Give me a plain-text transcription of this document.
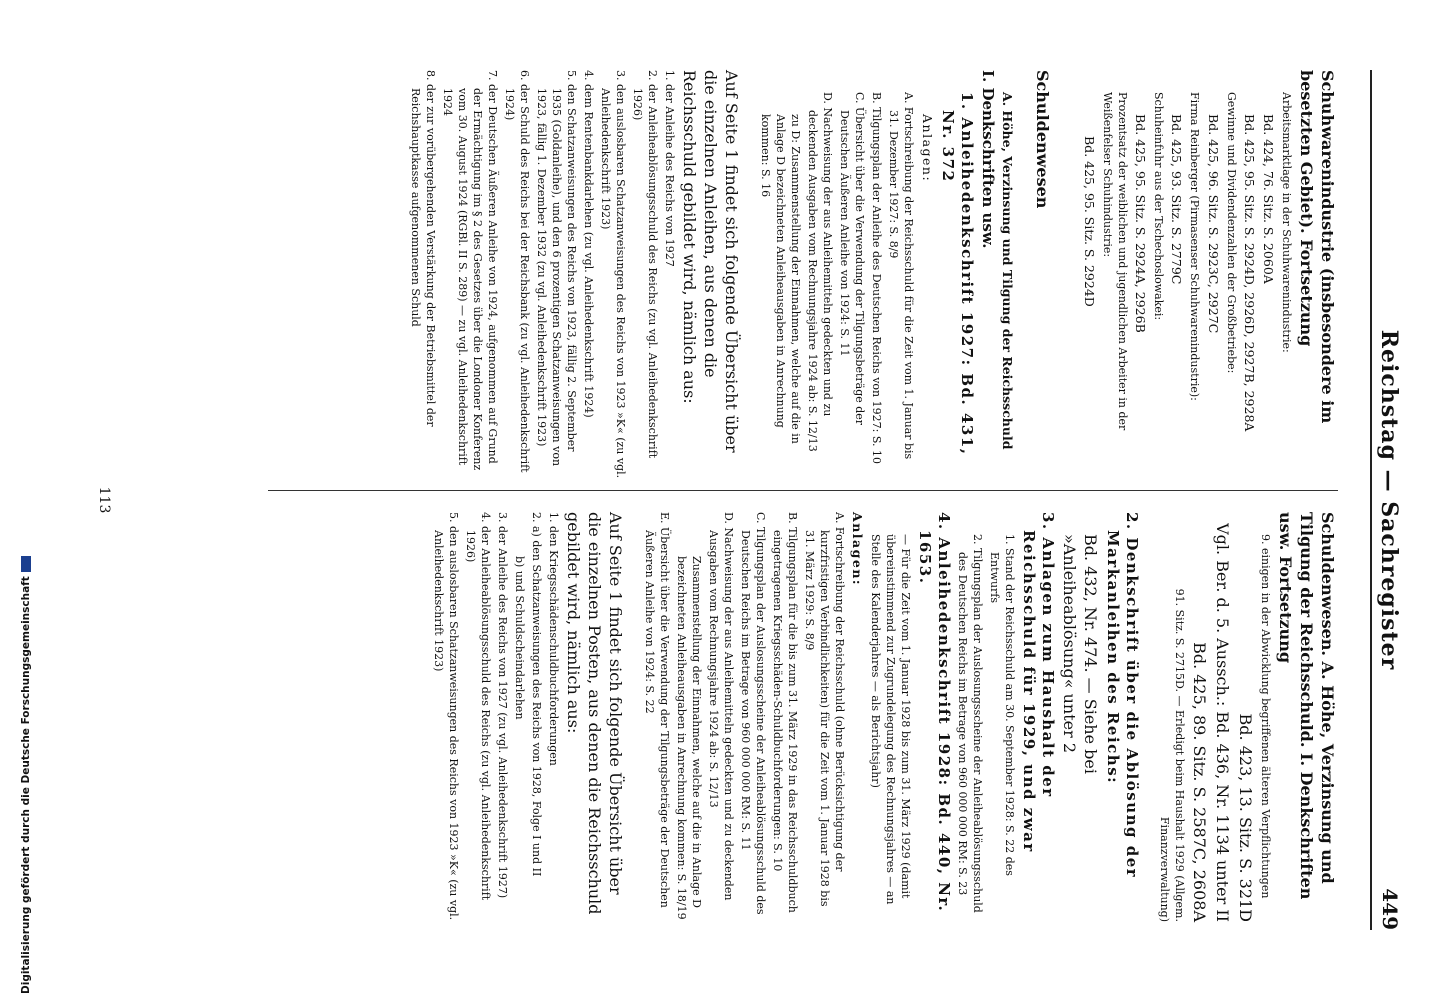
Reichstag — Sachregister
449

Schuhwarenindustrie (insbesondere im besetzten Gebiet). Fortsetzung

Arbeitsmarktlage in der Schuhwarenindustrie:

Bd. 424, 76. Sitz. S. 2060A

Bd. 425, 95. Sitz. S. 2924D, 2926D, 2927B, 2928A

Gewinne und Dividendenzahlen der Großbetriebe:

Bd. 425, 96. Sitz. S. 2923C, 2927C

Firma Reinberger (Pirmasenser Schuhwarenindustrie):

Bd. 425, 93. Sitz. S. 2779C

Schuheinfuhr aus der Tschechoslowakei:

Bd. 425, 95. Sitz. S. 2924A, 2926B

Prozentsatz der weiblichen und jugendlichen Arbeiter in der Weißenfelser Schuhindustrie:

Bd. 425, 95. Sitz. S. 2924D

Schuldenwesen

A. Höhe, Verzinsung und Tilgung der Reichsschuld

I. Denkschriften usw.

1. Anleihedenkschrift 1927: Bd. 431, Nr. 372

Anlagen:

A. Fortschreibung der Reichsschuld für die Zeit vom 1. Januar bis 31. Dezember 1927: S. 8/9

B. Tilgungsplan der Anleihe des Deutschen Reichs von 1927: S. 10

C. Übersicht über die Verwendung der Tilgungsbeträge der Deutschen Äußeren Anleihe von 1924: S. 11

D. Nachweisung der aus Anleihemitteln gedeckten und zu deckenden Ausgaben vom Rechnungsjahre 1924 ab: S. 12/13

zu D: Zusammenstellung der Einnahmen, welche auf die in Anlage D bezeichneten Anleiheausgaben in Anrechnung kommen: S. 16

Auf Seite 1 findet sich folgende Übersicht über die einzelnen Anleihen, aus denen die Reichsschuld gebildet wird, nämlich aus:

1. der Anleihe des Reichs von 1927

2. der Anleiheablösungsschuld des Reichs (zu vgl. Anleihedenkschrift 1926)

3. den auslosbaren Schatzanweisungen des Reichs von 1923 »K« (zu vgl. Anleihedenkschrift 1923)

4. dem Rentenbankdarlehen (zu vgl. Anleihedenkschrift 1924)

5. den Schatzanweisungen des Reichs von 1923, fällig 2. September 1935 (Goldanleihe), und den 6 prozentigen Schatzanweisungen von 1923, fällig 1. Dezember 1932 (zu vgl. Anleihedenkschrift 1923)

6. der Schuld des Reichs bei der Reichsbank (zu vgl. Anleihedenkschrift 1924)

7. der Deutschen Äußeren Anleihe von 1924, aufgenommen auf Grund der Ermächtigung im § 2 des Gesetzes über die Londoner Konferenz vom 30. August 1924 (RGBl. II S. 289) — zu vgl. Anleihedenkschrift 1924

8. der zur vorübergehenden Verstärkung der Betriebsmittel der Reichshauptkasse aufgenommenen Schuld

Schuldenwesen. A. Höhe, Verzinsung und Tilgung der Reichsschuld. I. Denkschriften usw. Fortsetzung

9. einigen in der Abwicklung begriffenen älteren Verpflichtungen

Bd. 423, 13. Sitz. S. 321D

Vgl. Ber. d. 5. Aussch.: Bd. 436, Nr. 1134 unter II

Bd. 425, 89. Sitz. S. 2587C, 2608A

91. Sitz. S. 2715D. — Erledigt beim Haushalt 1929 (Allgem. Finanzverwaltung)

2. Denkschrift über die Ablösung der Markanleihen des Reichs:

Bd. 432, Nr. 474. — Siehe bei »Anleiheablösung« unter 2

3. Anlagen zum Haushalt der Reichsschuld für 1929, und zwar

1. Stand der Reichsschuld am 30. September 1928: S. 22 des Entwurfs

2. Tilgungsplan der Auslosungsscheine der Anleiheablösungsschuld des Deutschen Reichs im Betrage von 960 000 000 RM: S. 23

4. Anleihedenkschrift 1928: Bd. 440, Nr. 1653.

— Für die Zeit vom 1. Januar 1928 bis zum 31. März 1929 (damit übereinstimmend zur Zugrundelegung des Rechnungsjahres — an Stelle des Kalenderjahres — als Berichtsjahr)

Anlagen:

A. Fortschreibung der Reichsschuld (ohne Berücksichtigung der kurzfristigen Verbindlichkeiten) für die Zeit vom 1. Januar 1928 bis 31. März 1929: S. 8/9

B. Tilgungsplan für die bis zum 31. März 1929 in das Reichsschuldbuch eingetragenen Kriegsschäden-Schuldbuchforderungen: S. 10

C. Tilgungsplan der Auslosungsscheine der Anleiheablösungsschuld des Deutschen Reichs im Betrage von 960 000 000 RM: S. 11

D. Nachweisung der aus Anleihemitteln gedeckten und zu deckenden Ausgaben vom Rechnungsjahre 1924 ab: S. 12/13

Zusammenstellung der Einnahmen, welche auf die in Anlage D bezeichneten Anleiheausgaben in Anrechnung kommen: S. 18/19

E. Übersicht über die Verwendung der Tilgungsbeträge der Deutschen Äußeren Anleihe von 1924: S. 22

Auf Seite 1 findet sich folgende Übersicht über die einzelnen Posten, aus denen die Reichsschuld gebildet wird, nämlich aus:

1. den Kriegsschädenschuldbuchforderungen

2. a) den Schatzanweisungen des Reichs von 1928, Folge I und II

b) und Schuldscheindarlehen

3. der Anleihe des Reichs von 1927 (zu vgl. Anleihedenkschrift 1927)

4. der Anleiheablösungsschuld des Reichs (zu vgl. Anleihedenkschrift 1926)

5. den auslosbaren Schatzanweisungen des Reichs von 1923 »K« (zu vgl. Anleihedenkschrift 1923)

113
Digitalisierung gefördert durch die Deutsche Forschungsgemeinschaft
